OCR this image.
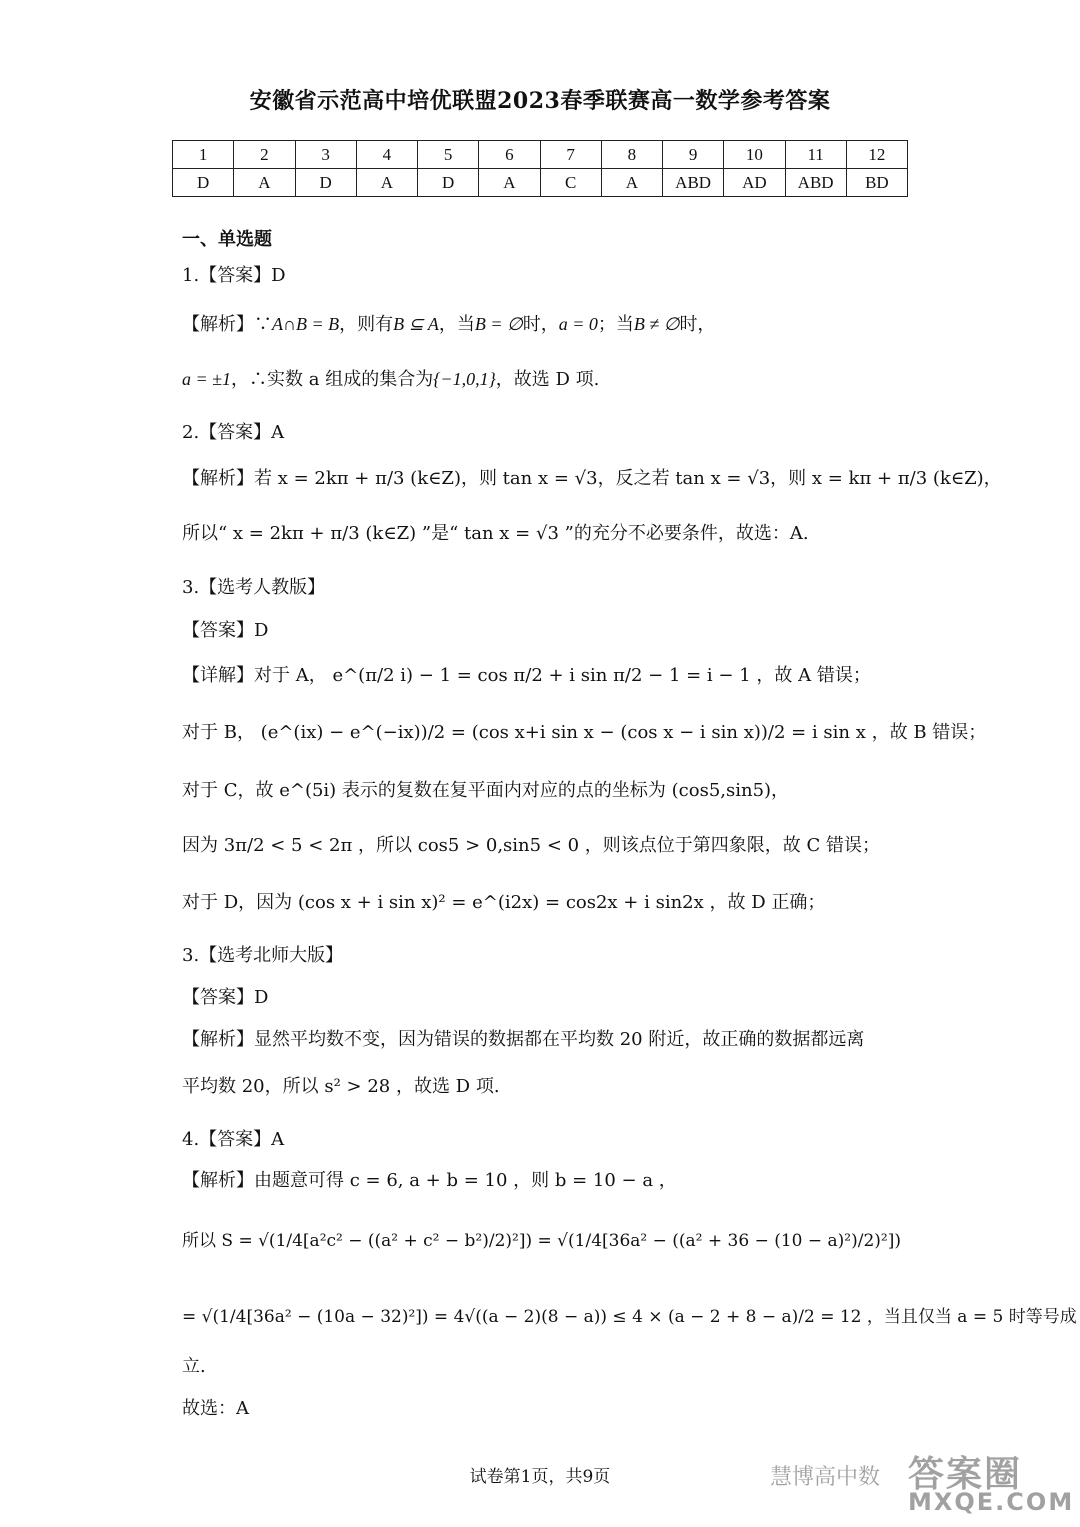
安徽省示范高中培优联盟2023春季联赛高一数学参考答案
1	2	3	4	5	6	7	8	9	10	11	12
D	A	D	A	D	A	C	A	ABD	AD	ABD	BD
一、单选题
1.【答案】D
【解析】∵A∩B = B，则有B ⊆ A，当B = ∅时，a = 0；当B ≠ ∅时，
a = ±1，∴实数 a 组成的集合为{−1,0,1}，故选 D 项.
2.【答案】A
【解析】若 x = 2kπ + π/3 (k∈Z)，则 tan x = √3，反之若 tan x = √3，则 x = kπ + π/3 (k∈Z)，
所以“ x = 2kπ + π/3 (k∈Z) ”是“ tan x = √3 ”的充分不必要条件，故选：A.
3.【选考人教版】
【答案】D
【详解】对于 A， e^(π/2 i) − 1 = cos π/2 + i sin π/2 − 1 = i − 1 ，故 A 错误；
对于 B， (e^(ix) − e^(−ix))/2 = (cos x+i sin x − (cos x − i sin x))/2 = i sin x ，故 B 错误；
对于 C，故 e^(5i) 表示的复数在复平面内对应的点的坐标为 (cos5,sin5)，
因为 3π/2 < 5 < 2π ，所以 cos5 > 0,sin5 < 0 ，则该点位于第四象限，故 C 错误；
对于 D，因为 (cos x + i sin x)² = e^(i2x) = cos2x + i sin2x ，故 D 正确；
3.【选考北师大版】
【答案】D
【解析】显然平均数不变，因为错误的数据都在平均数 20 附近，故正确的数据都远离
平均数 20，所以 s² > 28 ，故选 D 项.
4.【答案】A
【解析】由题意可得 c = 6, a + b = 10 ，则 b = 10 − a ，
所以 S = √(1/4[a²c² − ((a² + c² − b²)/2)²]) = √(1/4[36a² − ((a² + 36 − (10 − a)²)/2)²])
= √(1/4[36a² − (10a − 32)²]) = 4√((a − 2)(8 − a)) ≤ 4 × (a − 2 + 8 − a)/2 = 12 ，当且仅当 a = 5 时等号成
立.
故选：A
试卷第1页，共9页	慧博高中数 答案圈
MXQE.COM
